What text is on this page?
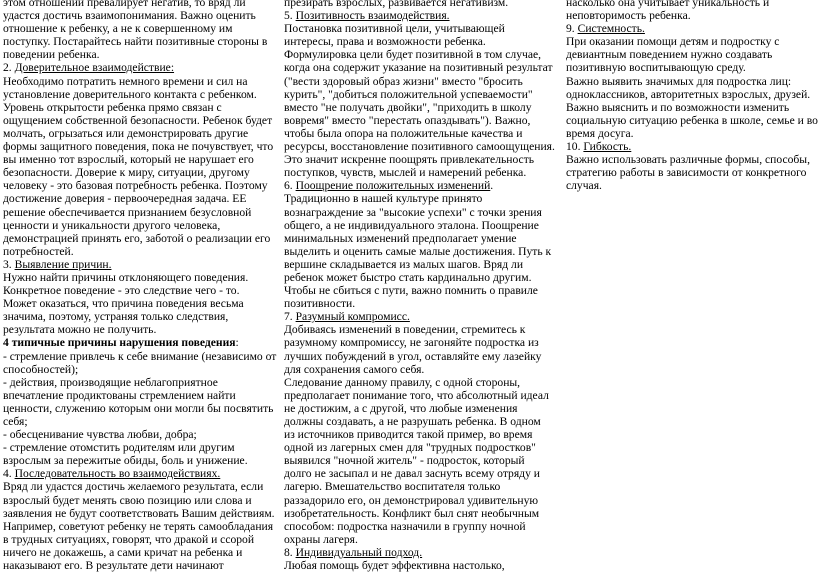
этом отношении превалирует негатив, то вряд ли
удастся достичь взаимопонимания. Важно оценить
отношение к ребенку, а не к совершенному им
поступку. Постарайтесь найти позитивные стороны в
поведении ребенка.
2. Доверительное взаимодействие:
Необходимо потратить немного времени и сил на
установление доверительного контакта с ребенком.
Уровень открытости ребенка прямо связан с
ощущением собственной безопасности. Ребенок будет
молчать, огрызаться или демонстрировать другие
формы защитного поведения, пока не почувствует, что
вы именно тот взрослый, который не нарушает его
безопасности. Доверие к миру, ситуации, другому
человеку - это базовая потребность ребенка. Поэтому
достижение доверия - первоочередная задача. ЕЕ
решение обеспечивается признанием безусловной
ценности и уникальности другого человека,
демонстрацией принять его, заботой о реализации его
потребностей.
3. Выявление причин.
Нужно найти причины отклоняющего поведения.
Конкретное поведение - это следствие чего - то.
Может оказаться, что причина поведения весьма
значима, поэтому, устраняя только следствия,
результата можно не получить.
4 типичные причины нарушения поведения:
- стремление привлечь к себе внимание (независимо от
способностей);
- действия, производящие неблагоприятное
впечатление продиктованы стремлением найти
ценности, служению которым они могли бы посвятить
себя;
- обесценивание чувства любви, добра;
- стремление отомстить родителям или другим
взрослым за пережитые обиды, боль и унижение.
4. Последовательность во взаимодействиях.
Вряд ли удастся достичь желаемого результата, если
взрослый будет менять свою позицию или слова и
заявления не будут соответствовать Вашим действиям.
Например, советуют ребенку не терять самообладания
в трудных ситуациях, говорят, что дракой и ссорой
ничего не докажешь, а сами кричат на ребенка и
наказывают его. В результате дети начинают
презирать взрослых, развивается негативизм.
5. Позитивность взаимодействия.
Постановка позитивной цели, учитывающей
интересы, права и возможности ребенка.
Формулировка цели будет позитивной в том случае,
когда она содержит указание на позитивный результат
("вести здоровый образ жизни" вместо "бросить
курить", "добиться положительной успеваемости"
вместо "не получать двойки", "приходить в школу
вовремя" вместо "перестать опаздывать"). Важно,
чтобы была опора на положительные качества и
ресурсы, восстановление позитивного самоощущения.
Это значит искренне поощрять привлекательность
поступков, чувств, мыслей и намерений ребенка.
6. Поощрение положительных изменений.
Традиционно в нашей культуре принято
вознаграждение за "высокие успехи" с точки зрения
общего, а не индивидуального эталона. Поощрение
минимальных изменений предполагает умение
выделить и оценить самые малые достижения. Путь к
вершине складывается из малых шагов. Вряд ли
ребенок может быстро стать кардинально другим.
Чтобы не сбиться с пути, важно помнить о правиле
позитивности.
7. Разумный компромисс.
Добиваясь изменений в поведении, стремитесь к
разумному компромиссу, не загоняйте подростка из
лучших побуждений в угол, оставляйте ему лазейку
для сохранения самого себя.
Следование данному правилу, с одной стороны,
предполагает понимание того, что абсолютный идеал
не достижим, а с другой, что любые изменения
должны создавать, а не разрушать ребенка. В одном
из источников приводится такой пример, во время
одной из лагерных смен для "трудных подростков"
выявился "ночной житель" - подросток, который
долго не засыпал и не давал заснуть всему отряду и
лагерю. Вмешательство воспитателя только
раззадорило его, он демонстрировал удивительную
изобретательность. Конфликт был снят необычным
способом: подростка назначили в группу ночной
охраны лагеря.
8. Индивидуальный подход.
Любая помощь будет эффективна настолько,
насколько она учитывает уникальность и
неповторимость ребенка.
9. Системность.
При оказании помощи детям и подростку с
девиантным поведением нужно создавать
позитивную воспитывающую среду.
Важно выявить значимых для подростка лиц:
одноклассников, авторитетных взрослых, друзей.
Важно выяснить и по возможности изменить
социальную ситуацию ребенка в школе, семье и во
время досуга.
10. Гибкость.
Важно использовать различные формы, способы,
стратегию работы в зависимости от конкретного
случая.
